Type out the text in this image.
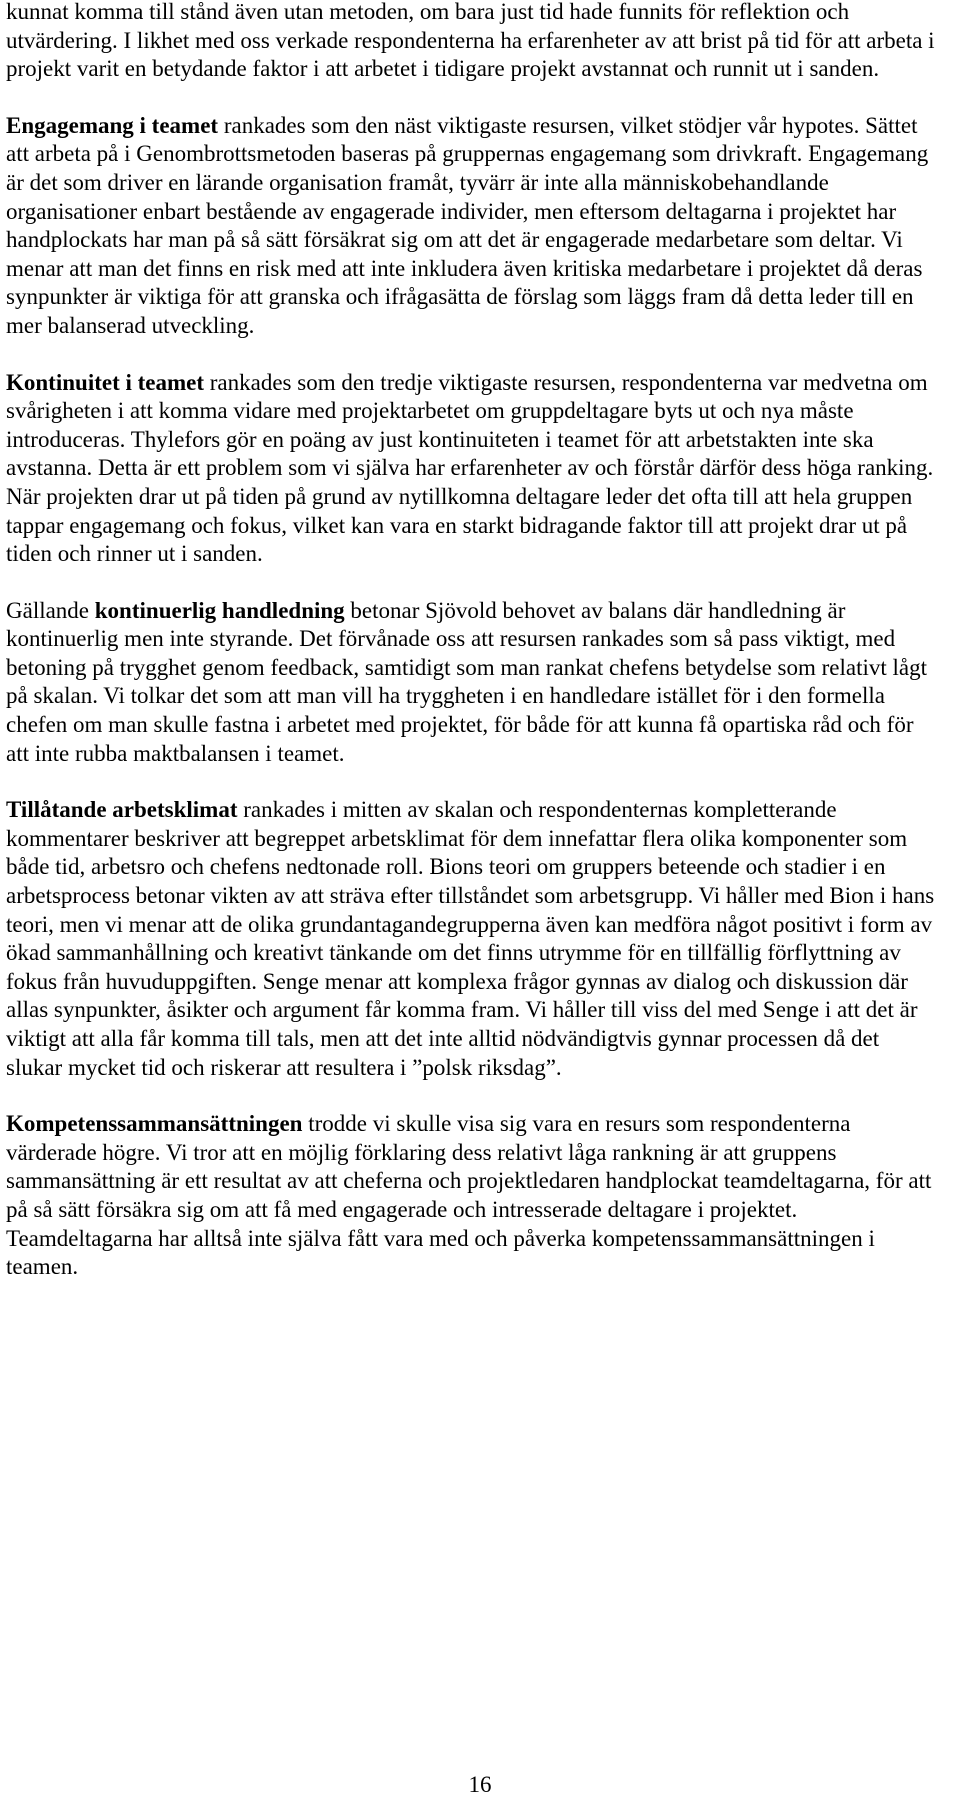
kunnat komma till stånd även utan metoden, om bara just tid hade funnits för reflektion och utvärdering. I likhet med oss verkade respondenterna ha erfarenheter av att brist på tid för att arbeta i projekt varit en betydande faktor i att arbetet i tidigare projekt avstannat och runnit ut i sanden.

Engagemang i teamet rankades som den näst viktigaste resursen, vilket stödjer vår hypotes. Sättet att arbeta på i Genombrottsmetoden baseras på gruppernas engagemang som drivkraft. Engagemang är det som driver en lärande organisation framåt, tyvärr är inte alla människobehandlande organisationer enbart bestående av engagerade individer, men eftersom deltagarna i projektet har handplockats har man på så sätt försäkrat sig om att det är engagerade medarbetare som deltar. Vi menar att man det finns en risk med att inte inkludera även kritiska medarbetare i projektet då deras synpunkter är viktiga för att granska och ifrågasätta de förslag som läggs fram då detta leder till en mer balanserad utveckling.

Kontinuitet i teamet rankades som den tredje viktigaste resursen, respondenterna var medvetna om svårigheten i att komma vidare med projektarbetet om gruppdeltagare byts ut och nya måste introduceras. Thylefors gör en poäng av just kontinuiteten i teamet för att arbetstakten inte ska avstanna. Detta är ett problem som vi själva har erfarenheter av och förstår därför dess höga ranking. När projekten drar ut på tiden på grund av nytillkomna deltagare leder det ofta till att hela gruppen tappar engagemang och fokus, vilket kan vara en starkt bidragande faktor till att projekt drar ut på tiden och rinner ut i sanden.

Gällande kontinuerlig handledning betonar Sjövold behovet av balans där handledning är kontinuerlig men inte styrande. Det förvånade oss att resursen rankades som så pass viktigt, med betoning på trygghet genom feedback, samtidigt som man rankat chefens betydelse som relativt lågt på skalan. Vi tolkar det som att man vill ha tryggheten i en handledare istället för i den formella chefen om man skulle fastna i arbetet med projektet, för både för att kunna få opartiska råd och för att inte rubba maktbalansen i teamet.

Tillåtande arbetsklimat rankades i mitten av skalan och respondenternas kompletterande kommentarer beskriver att begreppet arbetsklimat för dem innefattar flera olika komponenter som både tid, arbetsro och chefens nedtonade roll. Bions teori om gruppers beteende och stadier i en arbetsprocess betonar vikten av att sträva efter tillståndet som arbetsgrupp. Vi håller med Bion i hans teori, men vi menar att de olika grundantagandegrupperna även kan medföra något positivt i form av ökad sammanhållning och kreativt tänkande om det finns utrymme för en tillfällig förflyttning av fokus från huvuduppgiften. Senge menar att komplexa frågor gynnas av dialog och diskussion där allas synpunkter, åsikter och argument får komma fram. Vi håller till viss del med Senge i att det är viktigt att alla får komma till tals, men att det inte alltid nödvändigtvis gynnar processen då det slukar mycket tid och riskerar att resultera i ”polsk riksdag”.

Kompetenssammansättningen trodde vi skulle visa sig vara en resurs som respondenterna värderade högre. Vi tror att en möjlig förklaring dess relativt låga rankning är att gruppens sammansättning är ett resultat av att cheferna och projektledaren handplockat teamdeltagarna, för att på så sätt försäkra sig om att få med engagerade och intresserade deltagare i projektet. Teamdeltagarna har alltså inte själva fått vara med och påverka kompetenssammansättningen i teamen.

16
